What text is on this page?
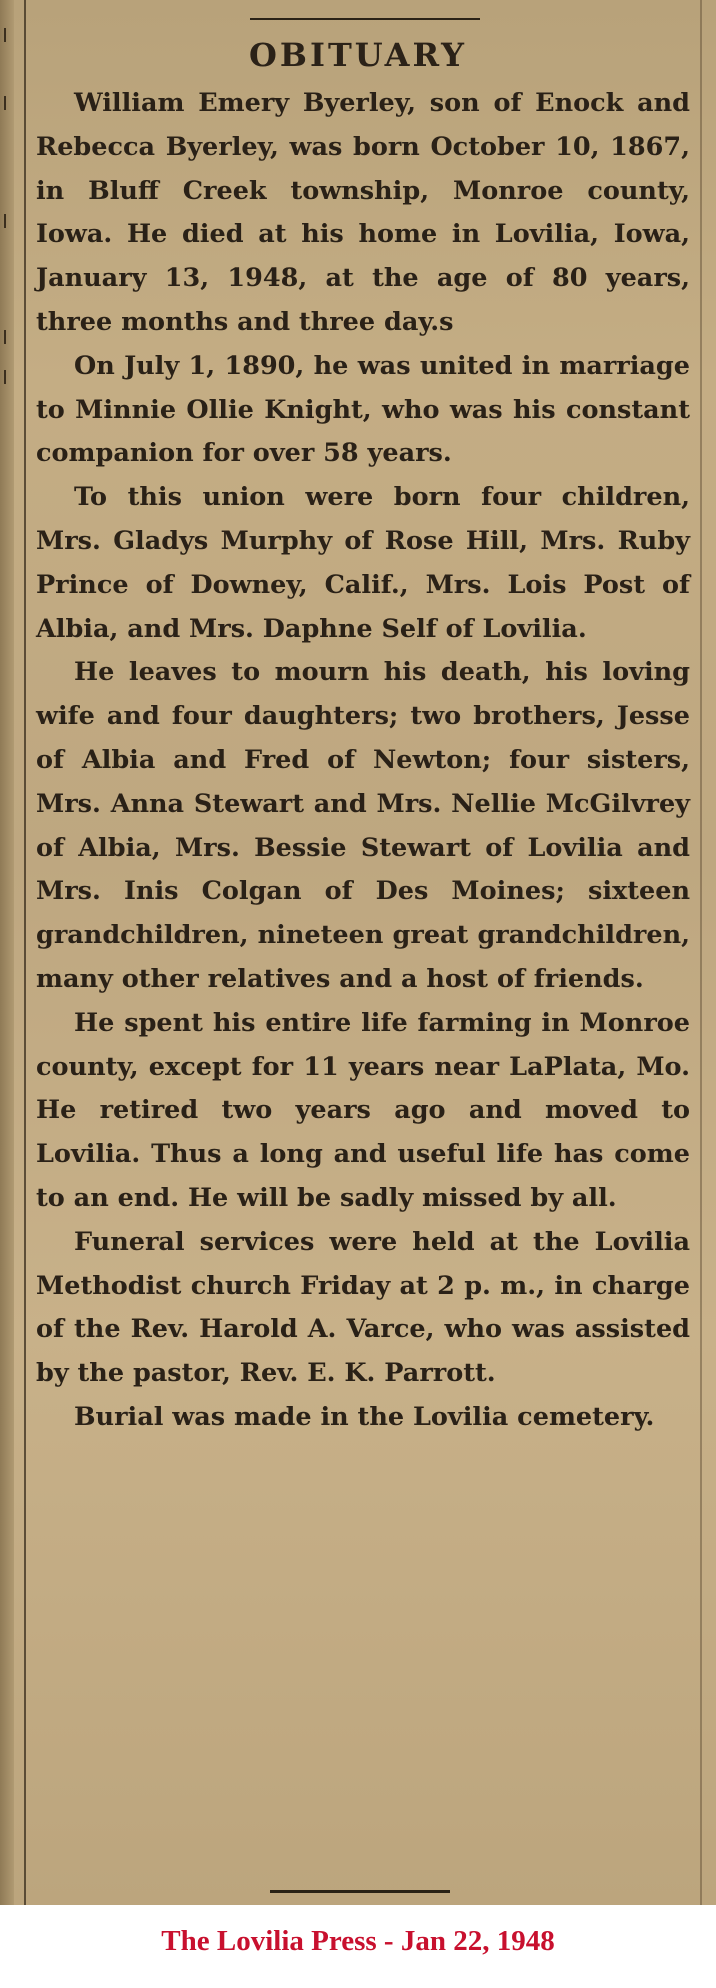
OBITUARY

William Emery Byerley, son of Enock and Rebecca Byerley, was born October 10, 1867, in Bluff Creek township, Monroe county, Iowa. He died at his home in Lovilia, Iowa, January 13, 1948, at the age of 80 years, three months and three day.s

On July 1, 1890, he was united in marriage to Minnie Ollie Knight, who was his constant companion for over 58 years.

To this union were born four children, Mrs. Gladys Murphy of Rose Hill, Mrs. Ruby Prince of Downey, Calif., Mrs. Lois Post of Albia, and Mrs. Daphne Self of Lovilia.

He leaves to mourn his death, his loving wife and four daughters; two brothers, Jesse of Albia and Fred of Newton; four sisters, Mrs. Anna Stewart and Mrs. Nellie McGilvrey of Albia, Mrs. Bessie Stewart of Lovilia and Mrs. Inis Colgan of Des Moines; sixteen grandchildren, nineteen great grandchildren, many other relatives and a host of friends.

He spent his entire life farming in Monroe county, except for 11 years near LaPlata, Mo. He retired two years ago and moved to Lovilia. Thus a long and useful life has come to an end. He will be sadly missed by all.

Funeral services were held at the Lovilia Methodist church Friday at 2 p. m., in charge of the Rev. Harold A. Varce, who was assisted by the pastor, Rev. E. K. Parrott.

Burial was made in the Lovilia cemetery.

The Lovilia Press - Jan 22, 1948
